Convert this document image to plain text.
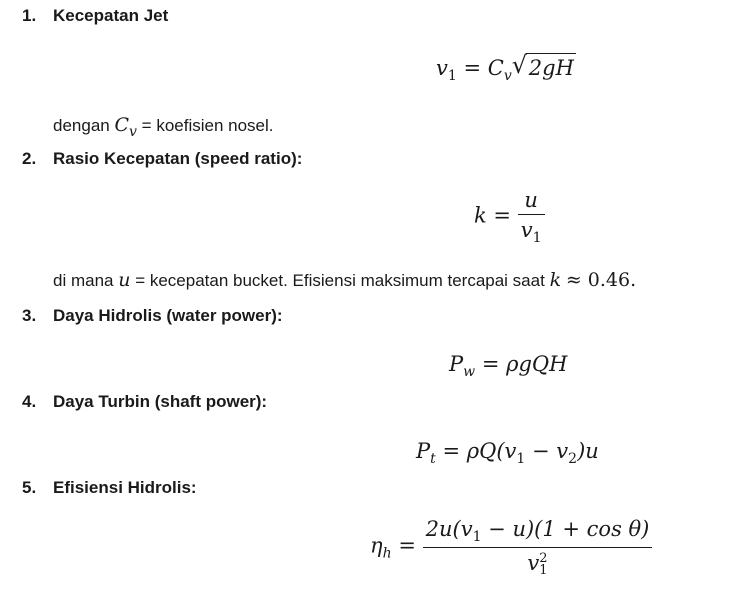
1. Kecepatan Jet
$v_1 = C_v$ √ 2gH
dengan $C_v$ = koefisien nosel.
2. Rasio Kecepatan (speed ratio):
$k = \frac{u}{v_1}$
di mana u = kecepatan bucket. Efisiensi maksimum tercapai saat k ≈ 0.46.
3. Daya Hidrolis (water power):
$P_w = \rho gQH$
4. Daya Turbin (shaft power):
$P_t = \rho Q(v_1 - v_2)u$
5. Efisiensi Hidrolis:
$\eta_h = 2u(v_1 - u)(1 + \cos \theta)$
v 2
1
